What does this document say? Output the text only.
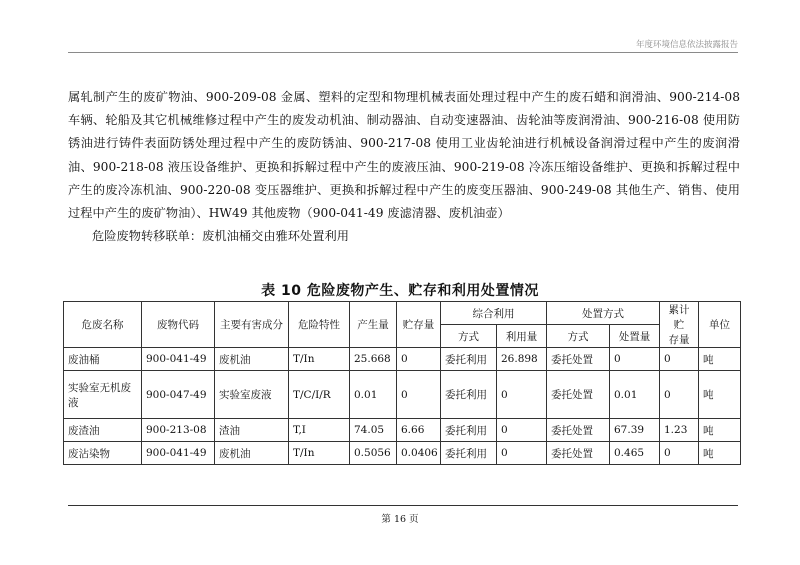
年度环境信息依法披露报告

属轧制产生的废矿物油、900-209-08 金属、塑料的定型和物理机械表面处理过程中产生的废石蜡和润滑油、900-214-08 车辆、轮船及其它机械维修过程中产生的废发动机油、制动器油、自动变速器油、齿轮油等废润滑油、900-216-08 使用防锈油进行铸件表面防锈处理过程中产生的废防锈油、900-217-08 使用工业齿轮油进行机械设备润滑过程中产生的废润滑油、900-218-08 液压设备维护、更换和拆解过程中产生的废液压油、900-219-08 冷冻压缩设备维护、更换和拆解过程中产生的废冷冻机油、900-220-08 变压器维护、更换和拆解过程中产生的废变压器油、900-249-08 其他生产、销售、使用过程中产生的废矿物油）、HW49 其他废物（900-041-49 废滤清器、废机油壶）

危险废物转移联单：废机油桶交由雅环处置利用

表 10 危险废物产生、贮存和利用处置情况
危废名称	废物代码	主要有害成分	危险特性	产生量	贮存量	综合利用		处置方式		累计贮
存量	单位
						方式	利用量	方式	处置量		
废油桶	900-041-49	废机油	T/In	25.668	0	委托利用	26.898	委托处置	0	0	吨
实验室无机废液	900-047-49	实验室废液	T/C/I/R	0.01	0	委托利用	0	委托处置	0.01	0	吨
废渣油	900-213-08	渣油	T,I	74.05	6.66	委托利用	0	委托处置	67.39	1.23	吨
废沾染物	900-041-49	废机油	T/In	0.5056	0.0406	委托利用	0	委托处置	0.465	0	吨
第 16 页
